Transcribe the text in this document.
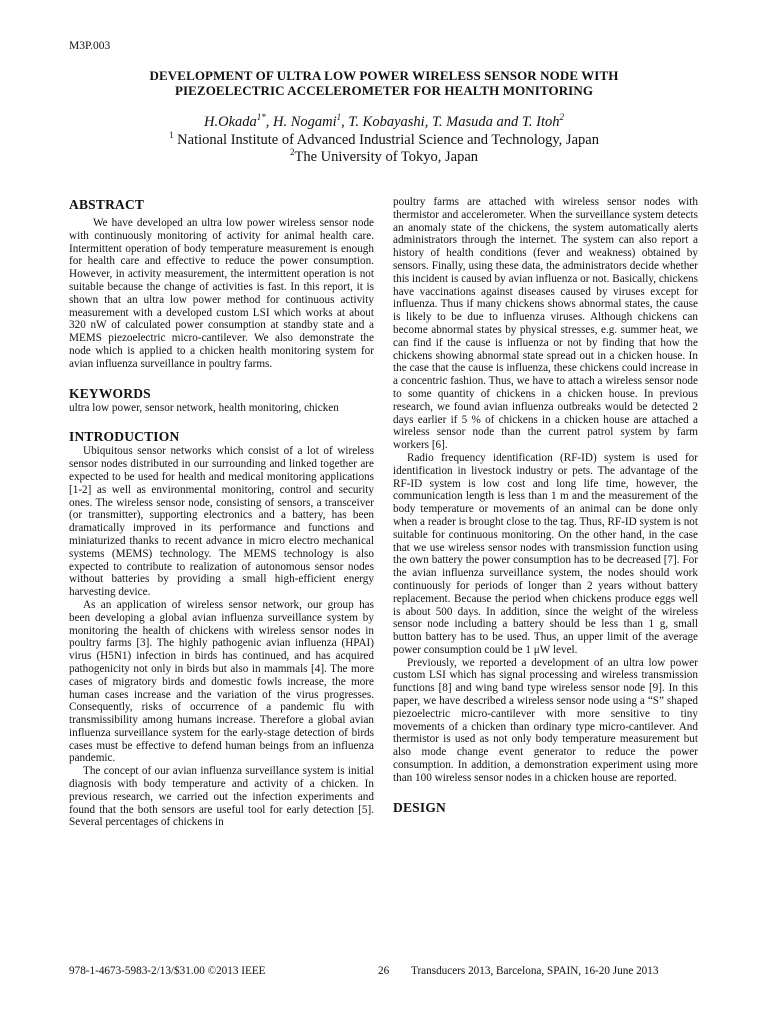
M3P.003
DEVELOPMENT OF ULTRA LOW POWER WIRELESS SENSOR NODE WITH
PIEZOELECTRIC ACCELEROMETER FOR HEALTH MONITORING
H.Okada$^{1*}$, H. Nogami$^1$, T. Kobayashi, T. Masuda and T. Itoh$^2$
$^1$ National Institute of Advanced Industrial Science and Technology, Japan
$^2$The University of Tokyo, Japan
ABSTRACT

We have developed an ultra low power wireless sensor node with continuously monitoring of activity for animal health care. Intermittent operation of body temperature measurement is enough for health care and effective to reduce the power consumption. However, in activity measurement, the intermittent operation is not suitable because the change of activities is fast. In this report, it is shown that an ultra low power method for continuous activity measurement with a developed custom LSI which works at about 320 nW of calculated power consumption at standby state and a MEMS piezoelectric micro-cantilever. We also demonstrate the node which is applied to a chicken health monitoring system for avian influenza surveillance in poultry farms.

KEYWORDS

ultra low power, sensor network, health monitoring, chicken

INTRODUCTION

Ubiquitous sensor networks which consist of a lot of wireless sensor nodes distributed in our surrounding and linked together are expected to be used for health and medical monitoring applications [1-2] as well as environmental monitoring, control and security ones. The wireless sensor node, consisting of sensors, a transceiver (or transmitter), supporting electronics and a battery, has been dramatically improved in its performance and functions and miniaturized thanks to recent advance in micro electro mechanical systems (MEMS) technology. The MEMS technology is also expected to contribute to realization of autonomous sensor nodes without batteries by providing a small high-efficient energy harvesting device.

As an application of wireless sensor network, our group has been developing a global avian influenza surveillance system by monitoring the health of chickens with wireless sensor nodes in poultry farms [3]. The highly pathogenic avian influenza (HPAI) virus (H5N1) infection in birds has continued, and has acquired pathogenicity not only in birds but also in mammals [4]. The more cases of migratory birds and domestic fowls increase, the more human cases increase and the variation of the virus progresses. Consequently, risks of occurrence of a pandemic flu with transmissibility among humans increase. Therefore a global avian influenza surveillance system for the early-stage detection of birds cases must be effective to defend human beings from an influenza pandemic.

The concept of our avian influenza surveillance system is initial diagnosis with body temperature and activity of a chicken. In previous research, we carried out the infection experiments and found that the both sensors are useful tool for early detection [5]. Several percentages of chickens in

poultry farms are attached with wireless sensor nodes with thermistor and accelerometer. When the surveillance system detects an anomaly state of the chickens, the system automatically alerts administrators through the internet. The system can also report a history of health conditions (fever and weakness) obtained by sensors. Finally, using these data, the administrators decide whether this incident is caused by avian influenza or not. Basically, chickens have vaccinations against diseases caused by viruses except for influenza. Thus if many chickens shows abnormal states, the cause is likely to be due to influenza viruses. Although chickens can become abnormal states by physical stresses, e.g. summer heat, we can find if the cause is influenza or not by finding that how the chickens showing abnormal state spread out in a chicken house. In the case that the cause is influenza, these chickens could increase in a concentric fashion. Thus, we have to attach a wireless sensor node to some quantity of chickens in a chicken house. In previous research, we found avian influenza outbreaks would be detected 2 days earlier if 5 % of chickens in a chicken house are attached a wireless sensor node than the current patrol system by farm workers [6].

Radio frequency identification (RF-ID) system is used for identification in livestock industry or pets. The advantage of the RF-ID system is low cost and long life time, however, the communication length is less than 1 m and the measurement of the body temperature or movements of an animal can be done only when a reader is brought close to the tag. Thus, RF-ID system is not suitable for continuous monitoring. On the other hand, in the case that we use wireless sensor nodes with transmission function using the own battery the power consumption has to be decreased [7]. For the avian influenza surveillance system, the nodes should work continuously for periods of longer than 2 years without battery replacement. Because the period when chickens produce eggs well is about 500 days. In addition, since the weight of the wireless sensor node including a battery should be less than 1 g, small button battery has to be used. Thus, an upper limit of the average power consumption could be 1 μW level.

Previously, we reported a development of an ultra low power custom LSI which has signal processing and wireless transmission functions [8] and wing band type wireless sensor node [9]. In this paper, we have described a wireless sensor node using a “S” shaped piezoelectric micro-cantilever with more sensitive to tiny movements of a chicken than ordinary type micro-cantilever. And thermistor is used as not only body temperature measurement but also mode change event generator to reduce the power consumption. In addition, a demonstration experiment using more than 100 wireless sensor nodes in a chicken house are reported.

DESIGN
978-1-4673-5983-2/13/$31.00 ©2013 IEEE	26 Transducers 2013, Barcelona, SPAIN, 16-20 June 2013
